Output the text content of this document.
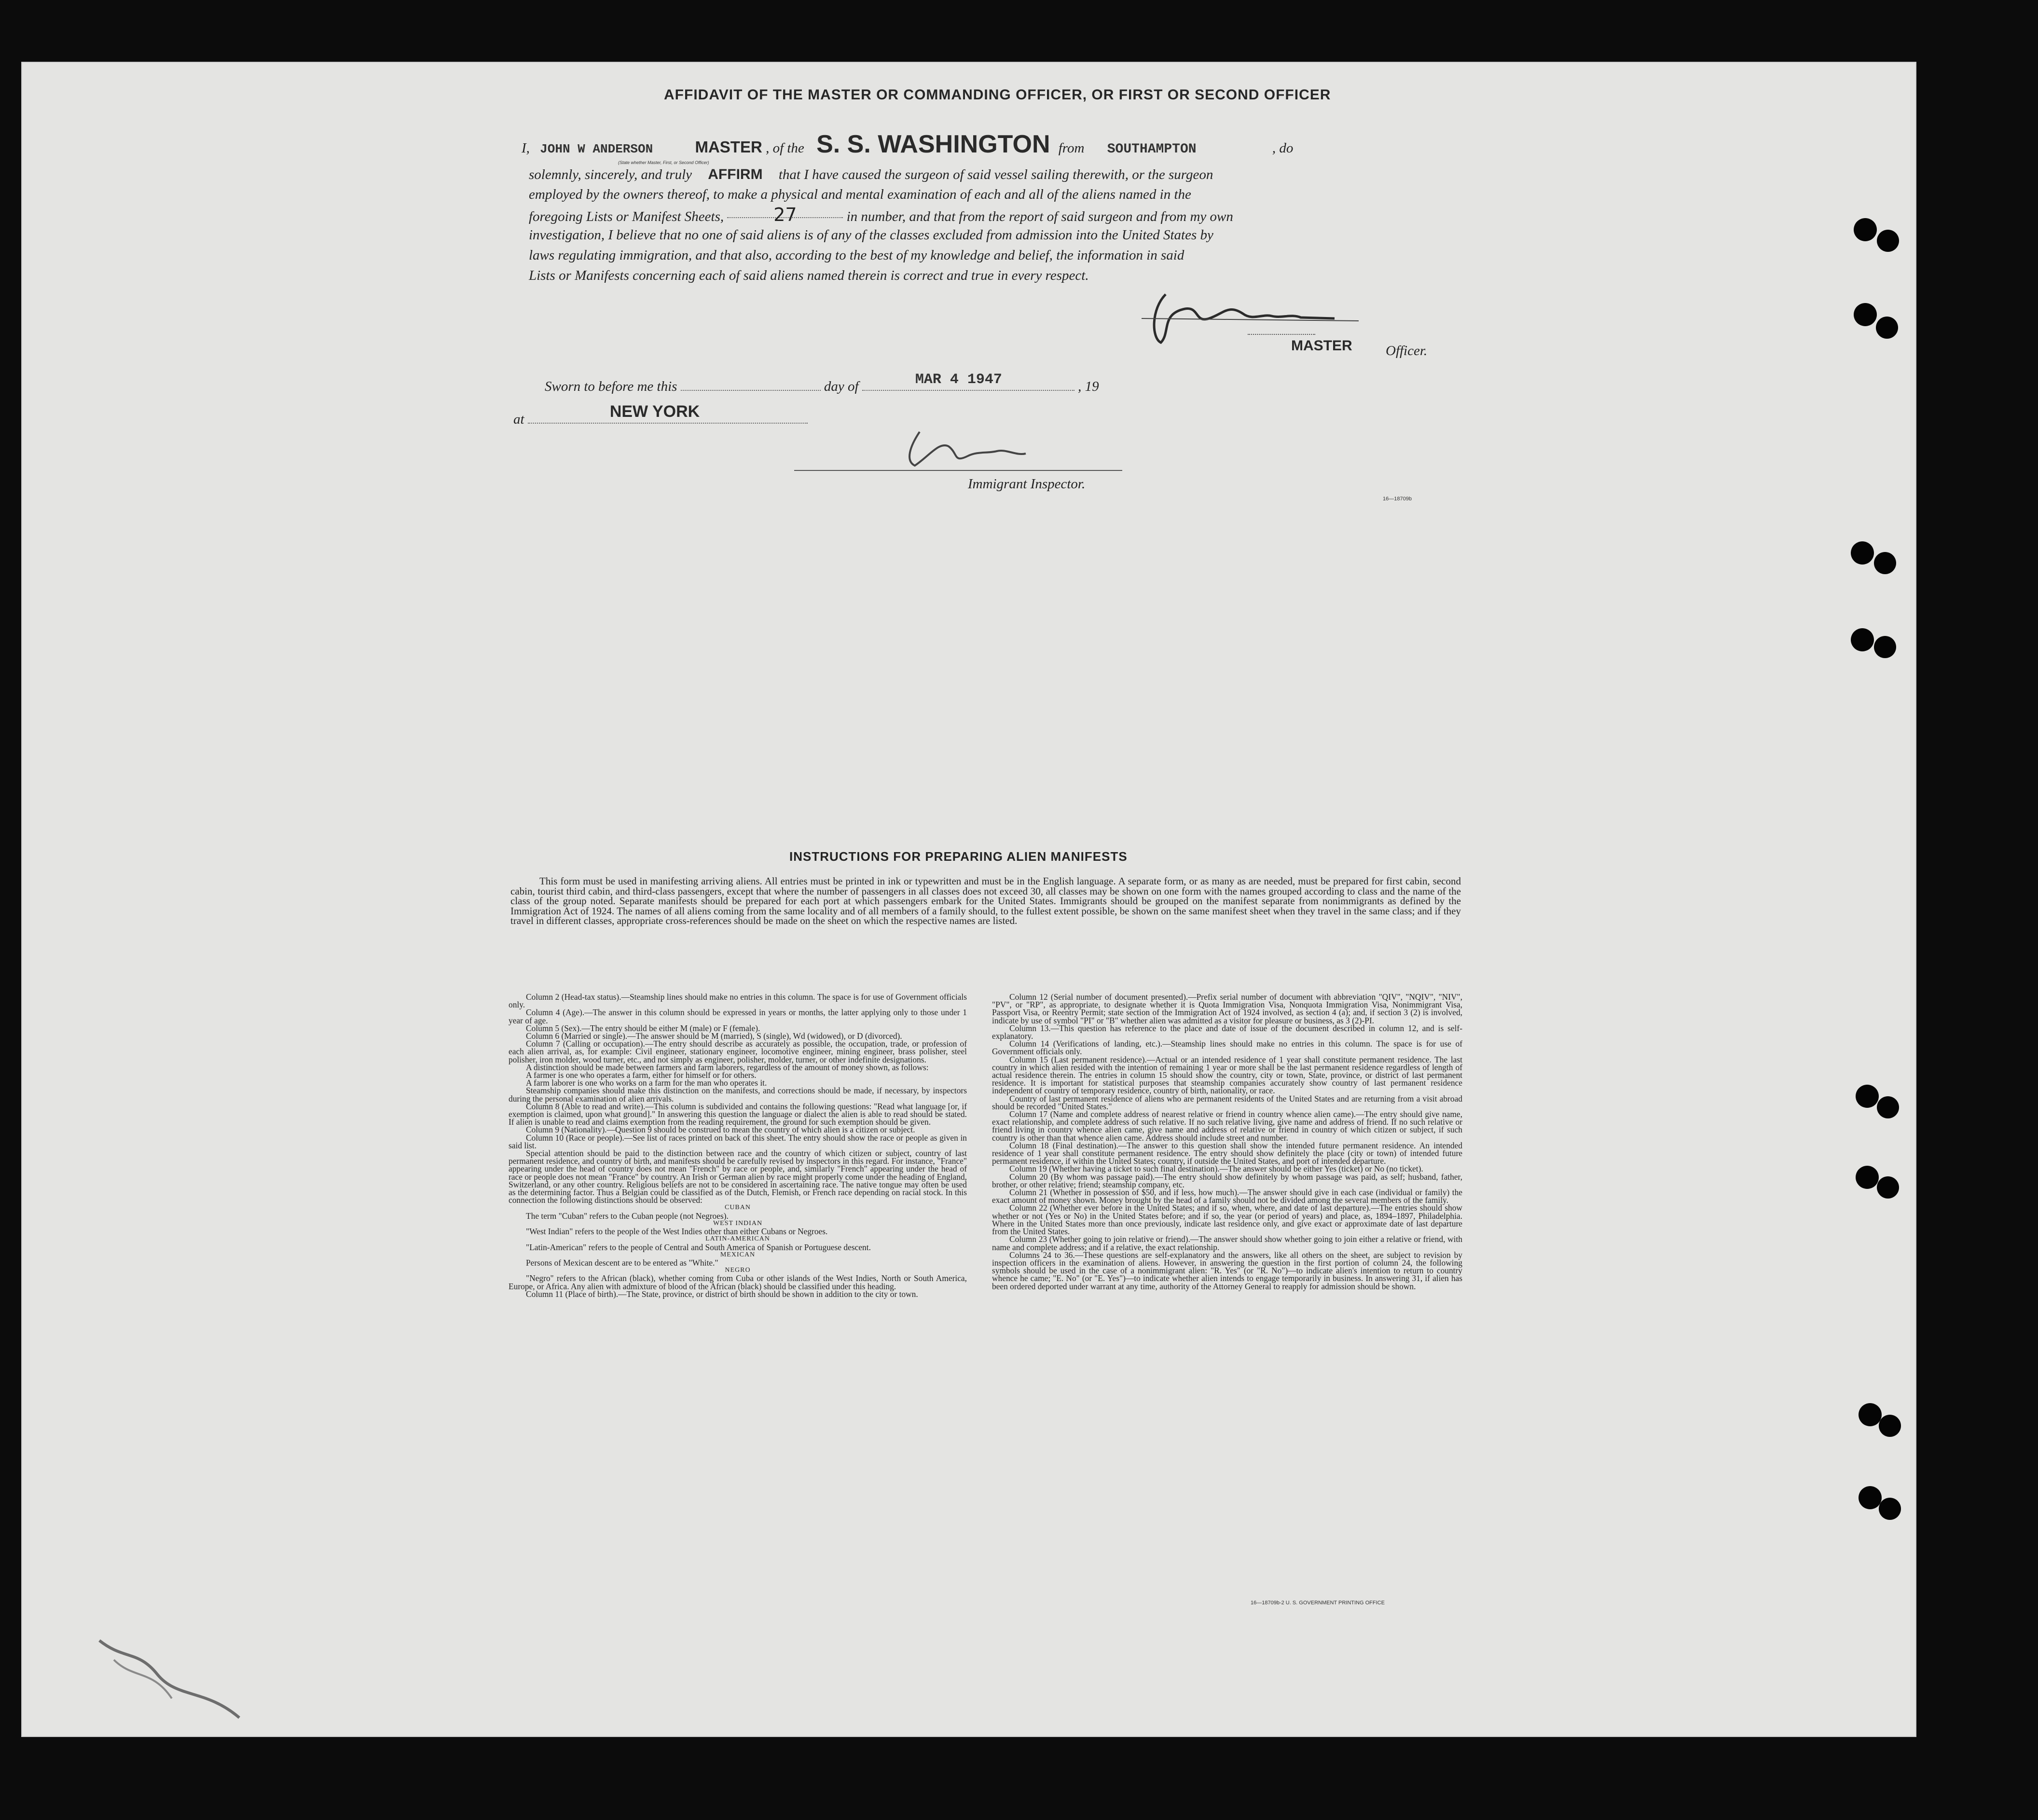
AFFIDAVIT OF THE MASTER OR COMMANDING OFFICER, OR FIRST OR SECOND OFFICER
I, JOHN W ANDERSON	MASTER , of the S. S. WASHINGTON from SOUTHAMPTON	, do
(State whether Master, First, or Second Officer)
solemnly, sincerely, and truly AFFIRM that I have caused the surgeon of said vessel sailing therewith, or the surgeon
employed by the owners thereof, to make a physical and mental examination of each and all of the aliens named in the
foregoing Lists or Manifest Sheets,	27	in number, and that from the report of said surgeon and from my own
investigation, I believe that no one of said aliens is of any of the classes excluded from admission into the United States by
laws regulating immigration, and that also, according to the best of my knowledge and belief, the information in said
Lists or Manifests concerning each of said aliens named therein is correct and true in every respect.
MASTER Officer.
Sworn to before me this	day of	MAR 4 1947	, 19
at	NEW YORK
Immigrant Inspector.
16—18709b
INSTRUCTIONS FOR PREPARING ALIEN MANIFESTS

This form must be used in manifesting arriving aliens. All entries must be printed in ink or typewritten and must be in the English language. A separate form, or as many as are needed, must be prepared for first cabin, second cabin, tourist third cabin, and third-class passengers, except that where the number of passengers in all classes does not exceed 30, all classes may be shown on one form with the names grouped according to class and the name of the class of the group noted. Separate manifests should be prepared for each port at which passengers embark for the United States. Immigrants should be grouped on the manifest separate from nonimmigrants as defined by the Immigration Act of 1924. The names of all aliens coming from the same locality and of all members of a family should, to the fullest extent possible, be shown on the same manifest sheet when they travel in the same class; and if they travel in different classes, appropriate cross-references should be made on the sheet on which the respective names are listed.

Column 2 (Head-tax status).—Steamship lines should make no entries in this column. The space is for use of Government officials only.

Column 4 (Age).—The answer in this column should be expressed in years or months, the latter applying only to those under 1 year of age.

Column 5 (Sex).—The entry should be either M (male) or F (female).

Column 6 (Married or single).—The answer should be M (married), S (single), Wd (widowed), or D (divorced).

Column 7 (Calling or occupation).—The entry should describe as accurately as possible, the occupation, trade, or profession of each alien arrival, as, for example: Civil engineer, stationary engineer, locomotive engineer, mining engineer, brass polisher, steel polisher, iron molder, wood turner, etc., and not simply as engineer, polisher, molder, turner, or other indefinite designations.

A distinction should be made between farmers and farm laborers, regardless of the amount of money shown, as follows:

A farmer is one who operates a farm, either for himself or for others.

A farm laborer is one who works on a farm for the man who operates it.

Steamship companies should make this distinction on the manifests, and corrections should be made, if necessary, by inspectors during the personal examination of alien arrivals.

Column 8 (Able to read and write).—This column is subdivided and contains the following questions: "Read what language [or, if exemption is claimed, upon what ground]." In answering this question the language or dialect the alien is able to read should be stated. If alien is unable to read and claims exemption from the reading requirement, the ground for such exemption should be given.

Column 9 (Nationality).—Question 9 should be construed to mean the country of which alien is a citizen or subject.

Column 10 (Race or people).—See list of races printed on back of this sheet. The entry should show the race or people as given in said list.

Special attention should be paid to the distinction between race and the country of which citizen or subject, country of last permanent residence, and country of birth, and manifests should be carefully revised by inspectors in this regard. For instance, "France" appearing under the head of country does not mean "French" by race or people, and, similarly "French" appearing under the head of race or people does not mean "France" by country. An Irish or German alien by race might properly come under the heading of England, Switzerland, or any other country. Religious beliefs are not to be considered in ascertaining race. The native tongue may often be used as the determining factor. Thus a Belgian could be classified as of the Dutch, Flemish, or French race depending on racial stock. In this connection the following distinctions should be observed:

CUBAN

The term "Cuban" refers to the Cuban people (not Negroes).

WEST INDIAN

"West Indian" refers to the people of the West Indies other than either Cubans or Negroes.

LATIN-AMERICAN

"Latin-American" refers to the people of Central and South America of Spanish or Portuguese descent.

MEXICAN

Persons of Mexican descent are to be entered as "White."

NEGRO

"Negro" refers to the African (black), whether coming from Cuba or other islands of the West Indies, North or South America, Europe, or Africa. Any alien with admixture of blood of the African (black) should be classified under this heading.

Column 11 (Place of birth).—The State, province, or district of birth should be shown in addition to the city or town.

Column 12 (Serial number of document presented).—Prefix serial number of document with abbreviation "QIV", "NQIV", "NIV", "PV", or "RP", as appropriate, to designate whether it is Quota Immigration Visa, Nonquota Immigration Visa, Nonimmigrant Visa, Passport Visa, or Reentry Permit; state section of the Immigration Act of 1924 involved, as section 4 (a); and, if section 3 (2) is involved, indicate by use of symbol "PI" or "B" whether alien was admitted as a visitor for pleasure or business, as 3 (2)-PI.

Column 13.—This question has reference to the place and date of issue of the document described in column 12, and is self-explanatory.

Column 14 (Verifications of landing, etc.).—Steamship lines should make no entries in this column. The space is for use of Government officials only.

Column 15 (Last permanent residence).—Actual or an intended residence of 1 year shall constitute permanent residence. The last country in which alien resided with the intention of remaining 1 year or more shall be the last permanent residence regardless of length of actual residence therein. The entries in column 15 should show the country, city or town, State, province, or district of last permanent residence. It is important for statistical purposes that steamship companies accurately show country of last permanent residence independent of country of temporary residence, country of birth, nationality, or race.

Country of last permanent residence of aliens who are permanent residents of the United States and are returning from a visit abroad should be recorded "United States."

Column 17 (Name and complete address of nearest relative or friend in country whence alien came).—The entry should give name, exact relationship, and complete address of such relative. If no such relative living, give name and address of friend. If no such relative or friend living in country whence alien came, give name and address of relative or friend in country of which citizen or subject, if such country is other than that whence alien came. Address should include street and number.

Column 18 (Final destination).—The answer to this question shall show the intended future permanent residence. An intended residence of 1 year shall constitute permanent residence. The entry should show definitely the place (city or town) of intended future permanent residence, if within the United States; country, if outside the United States, and port of intended departure.

Column 19 (Whether having a ticket to such final destination).—The answer should be either Yes (ticket) or No (no ticket).

Column 20 (By whom was passage paid).—The entry should show definitely by whom passage was paid, as self; husband, father, brother, or other relative; friend; steamship company, etc.

Column 21 (Whether in possession of $50, and if less, how much).—The answer should give in each case (individual or family) the exact amount of money shown. Money brought by the head of a family should not be divided among the several members of the family.

Column 22 (Whether ever before in the United States; and if so, when, where, and date of last departure).—The entries should show whether or not (Yes or No) in the United States before; and if so, the year (or period of years) and place, as, 1894–1897, Philadelphia. Where in the United States more than once previously, indicate last residence only, and give exact or approximate date of last departure from the United States.

Column 23 (Whether going to join relative or friend).—The answer should show whether going to join either a relative or friend, with name and complete address; and if a relative, the exact relationship.

Columns 24 to 36.—These questions are self-explanatory and the answers, like all others on the sheet, are subject to revision by inspection officers in the examination of aliens. However, in answering the question in the first portion of column 24, the following symbols should be used in the case of a nonimmigrant alien: "R. Yes" (or "R. No")—to indicate alien's intention to return to country whence he came; "E. No" (or "E. Yes")—to indicate whether alien intends to engage temporarily in business. In answering 31, if alien has been ordered deported under warrant at any time, authority of the Attorney General to reapply for admission should be shown.

16—18709b-2 U. S. GOVERNMENT PRINTING OFFICE
